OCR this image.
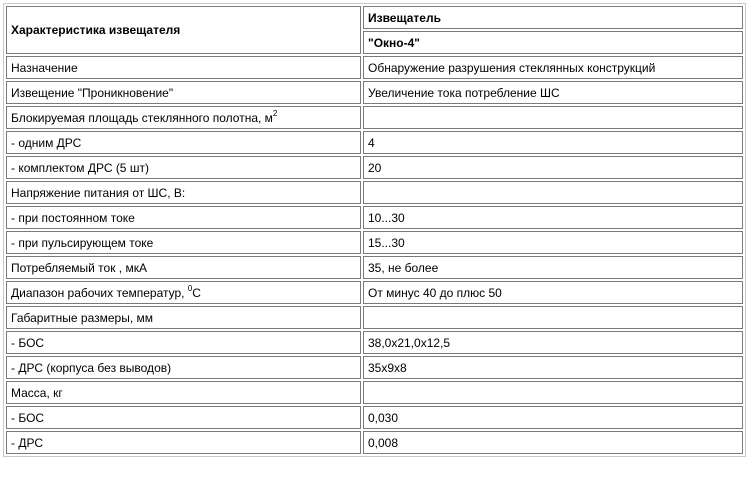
Характеристика извещателя	Извещатель
	"Окно-4"
Назначение	Обнаружение разрушения стеклянных конструкций
Извещение "Проникновение"	Увеличение тока потребление ШС
Блокируемая площадь стеклянного полотна, $м^2$	
- одним ДРС	4
- комплектом ДРС (5 шт)	20
Напряжение питания от ШС, В:	
- при постоянном токе	10...30
- при пульсирующем токе	15...30
Потребляемый ток , мкА	35, не более
Диапазон рабочих температур, $^0$C	От минус 40 до плюс 50
Габаритные размеры, мм	
- БОС	38,0x21,0x12,5
- ДРС (корпуса без выводов)	35x9x8
Масса, кг	
- БОС	0,030
- ДРС	0,008
